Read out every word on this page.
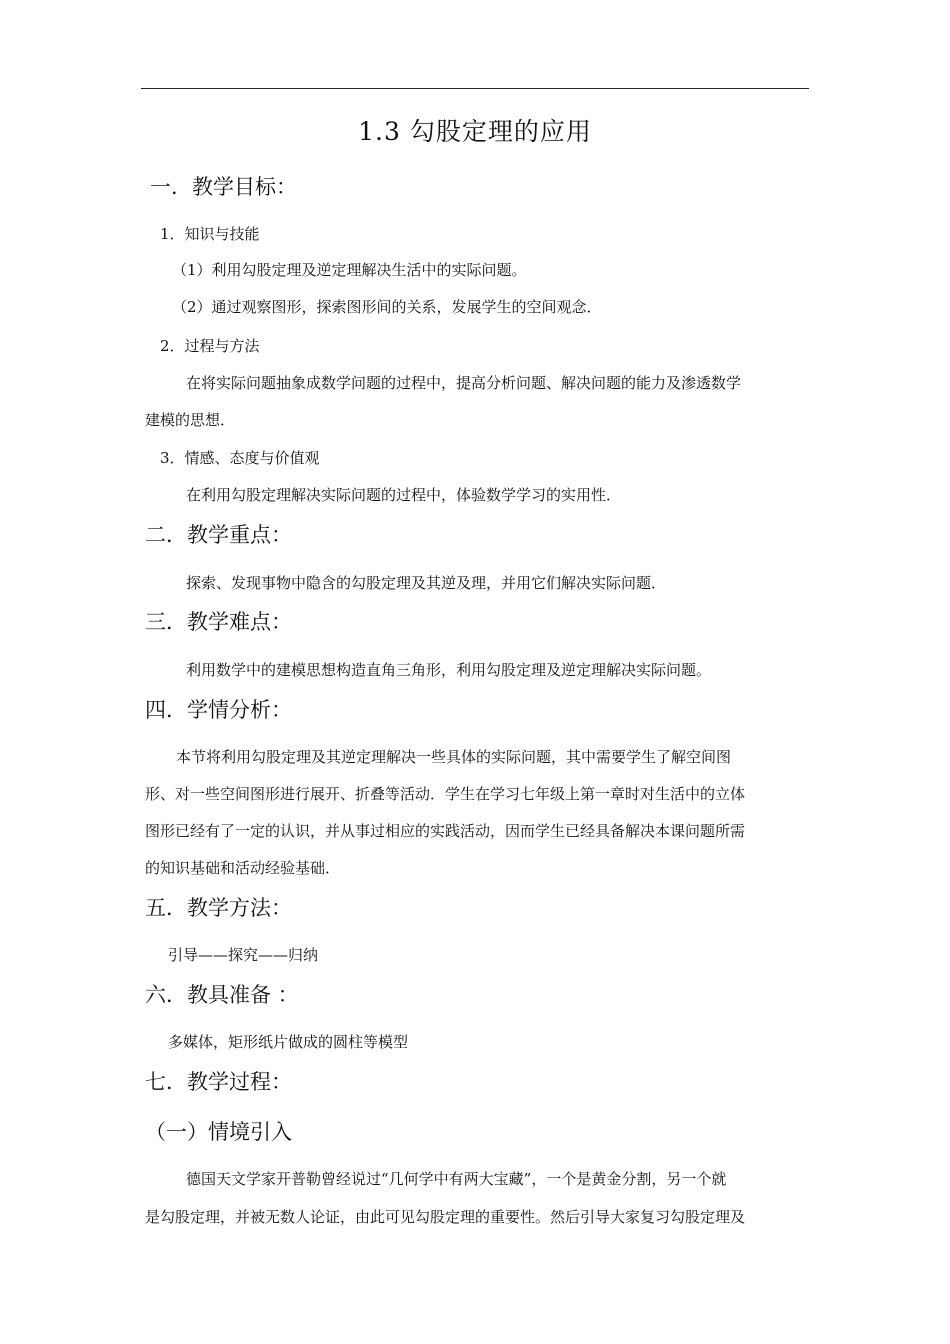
1.3 勾股定理的应用
一．教学目标：
1．知识与技能
（1）利用勾股定理及逆定理解决生活中的实际问题。
（2）通过观察图形，探索图形间的关系，发展学生的空间观念．
2．过程与方法
在将实际问题抽象成数学问题的过程中，提高分析问题、解决问题的能力及渗透数学
建模的思想．
3．情感、态度与价值观
在利用勾股定理解决实际问题的过程中，体验数学学习的实用性．
二．教学重点：
探索、发现事物中隐含的勾股定理及其逆及理，并用它们解决实际问题．
三．教学难点：
利用数学中的建模思想构造直角三角形，利用勾股定理及逆定理解决实际问题。
四．学情分析：
本节将利用勾股定理及其逆定理解决一些具体的实际问题，其中需要学生了解空间图
形、对一些空间图形进行展开、折叠等活动．学生在学习七年级上第一章时对生活中的立体
图形已经有了一定的认识，并从事过相应的实践活动，因而学生已经具备解决本课问题所需
的知识基础和活动经验基础．
五．教学方法：
引导——探究——归纳
六．教具准备 ：
多媒体，矩形纸片做成的圆柱等模型
七．教学过程：
（一）情境引入
德国天文学家开普勒曾经说过“几何学中有两大宝藏”，一个是黄金分割，另一个就
是勾股定理，并被无数人论证，由此可见勾股定理的重要性。然后引导大家复习勾股定理及
